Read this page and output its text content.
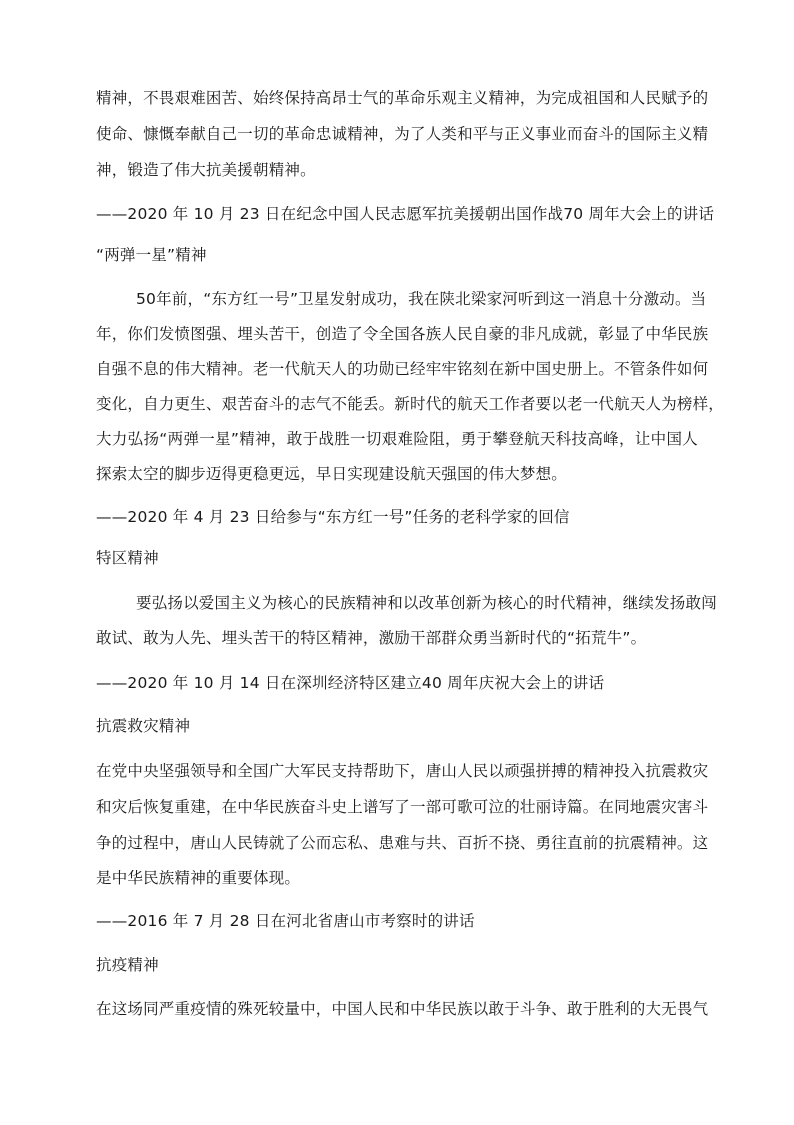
精神，不畏艰难困苦、始终保持高昂士气的革命乐观主义精神，为完成祖国和人民赋予的
使命、慷慨奉献自己一切的革命忠诚精神，为了人类和平与正义事业而奋斗的国际主义精
神，锻造了伟大抗美援朝精神。
——2020 年 10 月 23 日在纪念中国人民志愿军抗美援朝出国作战70 周年大会上的讲话
“两弹一星”精神
50年前，“东方红一号”卫星发射成功，我在陕北梁家河听到这一消息十分激动。当
年，你们发愤图强、埋头苦干，创造了令全国各族人民自豪的非凡成就，彰显了中华民族
自强不息的伟大精神。老一代航天人的功勋已经牢牢铭刻在新中国史册上。不管条件如何
变化，自力更生、艰苦奋斗的志气不能丢。新时代的航天工作者要以老一代航天人为榜样，
大力弘扬“两弹一星”精神，敢于战胜一切艰难险阻，勇于攀登航天科技高峰，让中国人
探索太空的脚步迈得更稳更远，早日实现建设航天强国的伟大梦想。
——2020 年 4 月 23 日给参与“东方红一号”任务的老科学家的回信
特区精神
要弘扬以爱国主义为核心的民族精神和以改革创新为核心的时代精神，继续发扬敢闯
敢试、敢为人先、埋头苦干的特区精神，激励干部群众勇当新时代的“拓荒牛”。
——2020 年 10 月 14 日在深圳经济特区建立40 周年庆祝大会上的讲话
抗震救灾精神
在党中央坚强领导和全国广大军民支持帮助下，唐山人民以顽强拼搏的精神投入抗震救灾
和灾后恢复重建，在中华民族奋斗史上谱写了一部可歌可泣的壮丽诗篇。在同地震灾害斗
争的过程中，唐山人民铸就了公而忘私、患难与共、百折不挠、勇往直前的抗震精神。这
是中华民族精神的重要体现。
——2016 年 7 月 28 日在河北省唐山市考察时的讲话
抗疫精神
在这场同严重疫情的殊死较量中，中国人民和中华民族以敢于斗争、敢于胜利的大无畏气
